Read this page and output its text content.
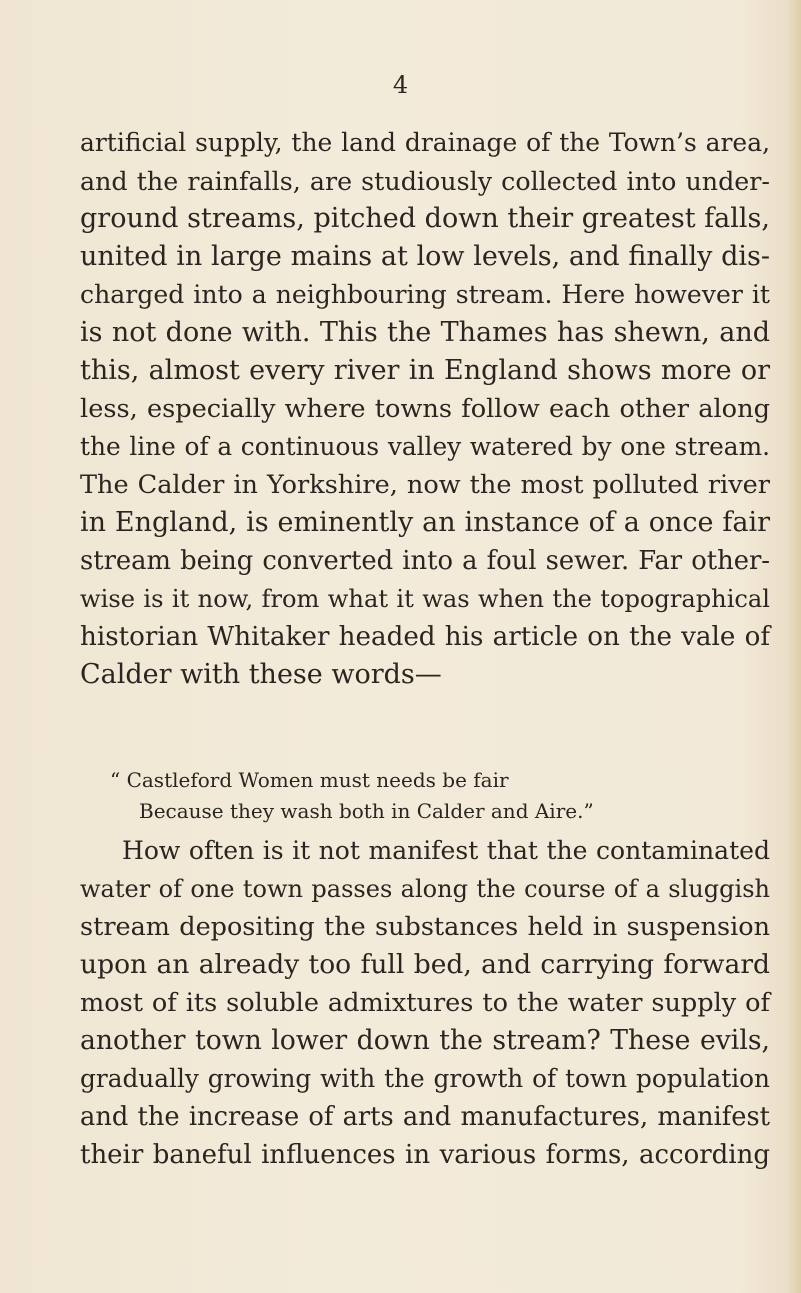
4
artificial supply, the land drainage of the Town’s area,
and the rainfalls, are studiously collected into under-
ground streams, pitched down their greatest falls,
united in large mains at low levels, and finally dis-
charged into a neighbouring stream. Here however it
is not done with. This the Thames has shewn, and
this, almost every river in England shows more or
less, especially where towns follow each other along
the line of a continuous valley watered by one stream.
The Calder in Yorkshire, now the most polluted river
in England, is eminently an instance of a once fair
stream being converted into a foul sewer. Far other-
wise is it now, from what it was when the topographical
historian Whitaker headed his article on the vale of
Calder with these words—
“ Castleford Women must needs be fair
Because they wash both in Calder and Aire.”
How often is it not manifest that the contaminated
water of one town passes along the course of a sluggish
stream depositing the substances held in suspension
upon an already too full bed, and carrying forward
most of its soluble admixtures to the water supply of
another town lower down the stream? These evils,
gradually growing with the growth of town population
and the increase of arts and manufactures, manifest
their baneful influences in various forms, according
